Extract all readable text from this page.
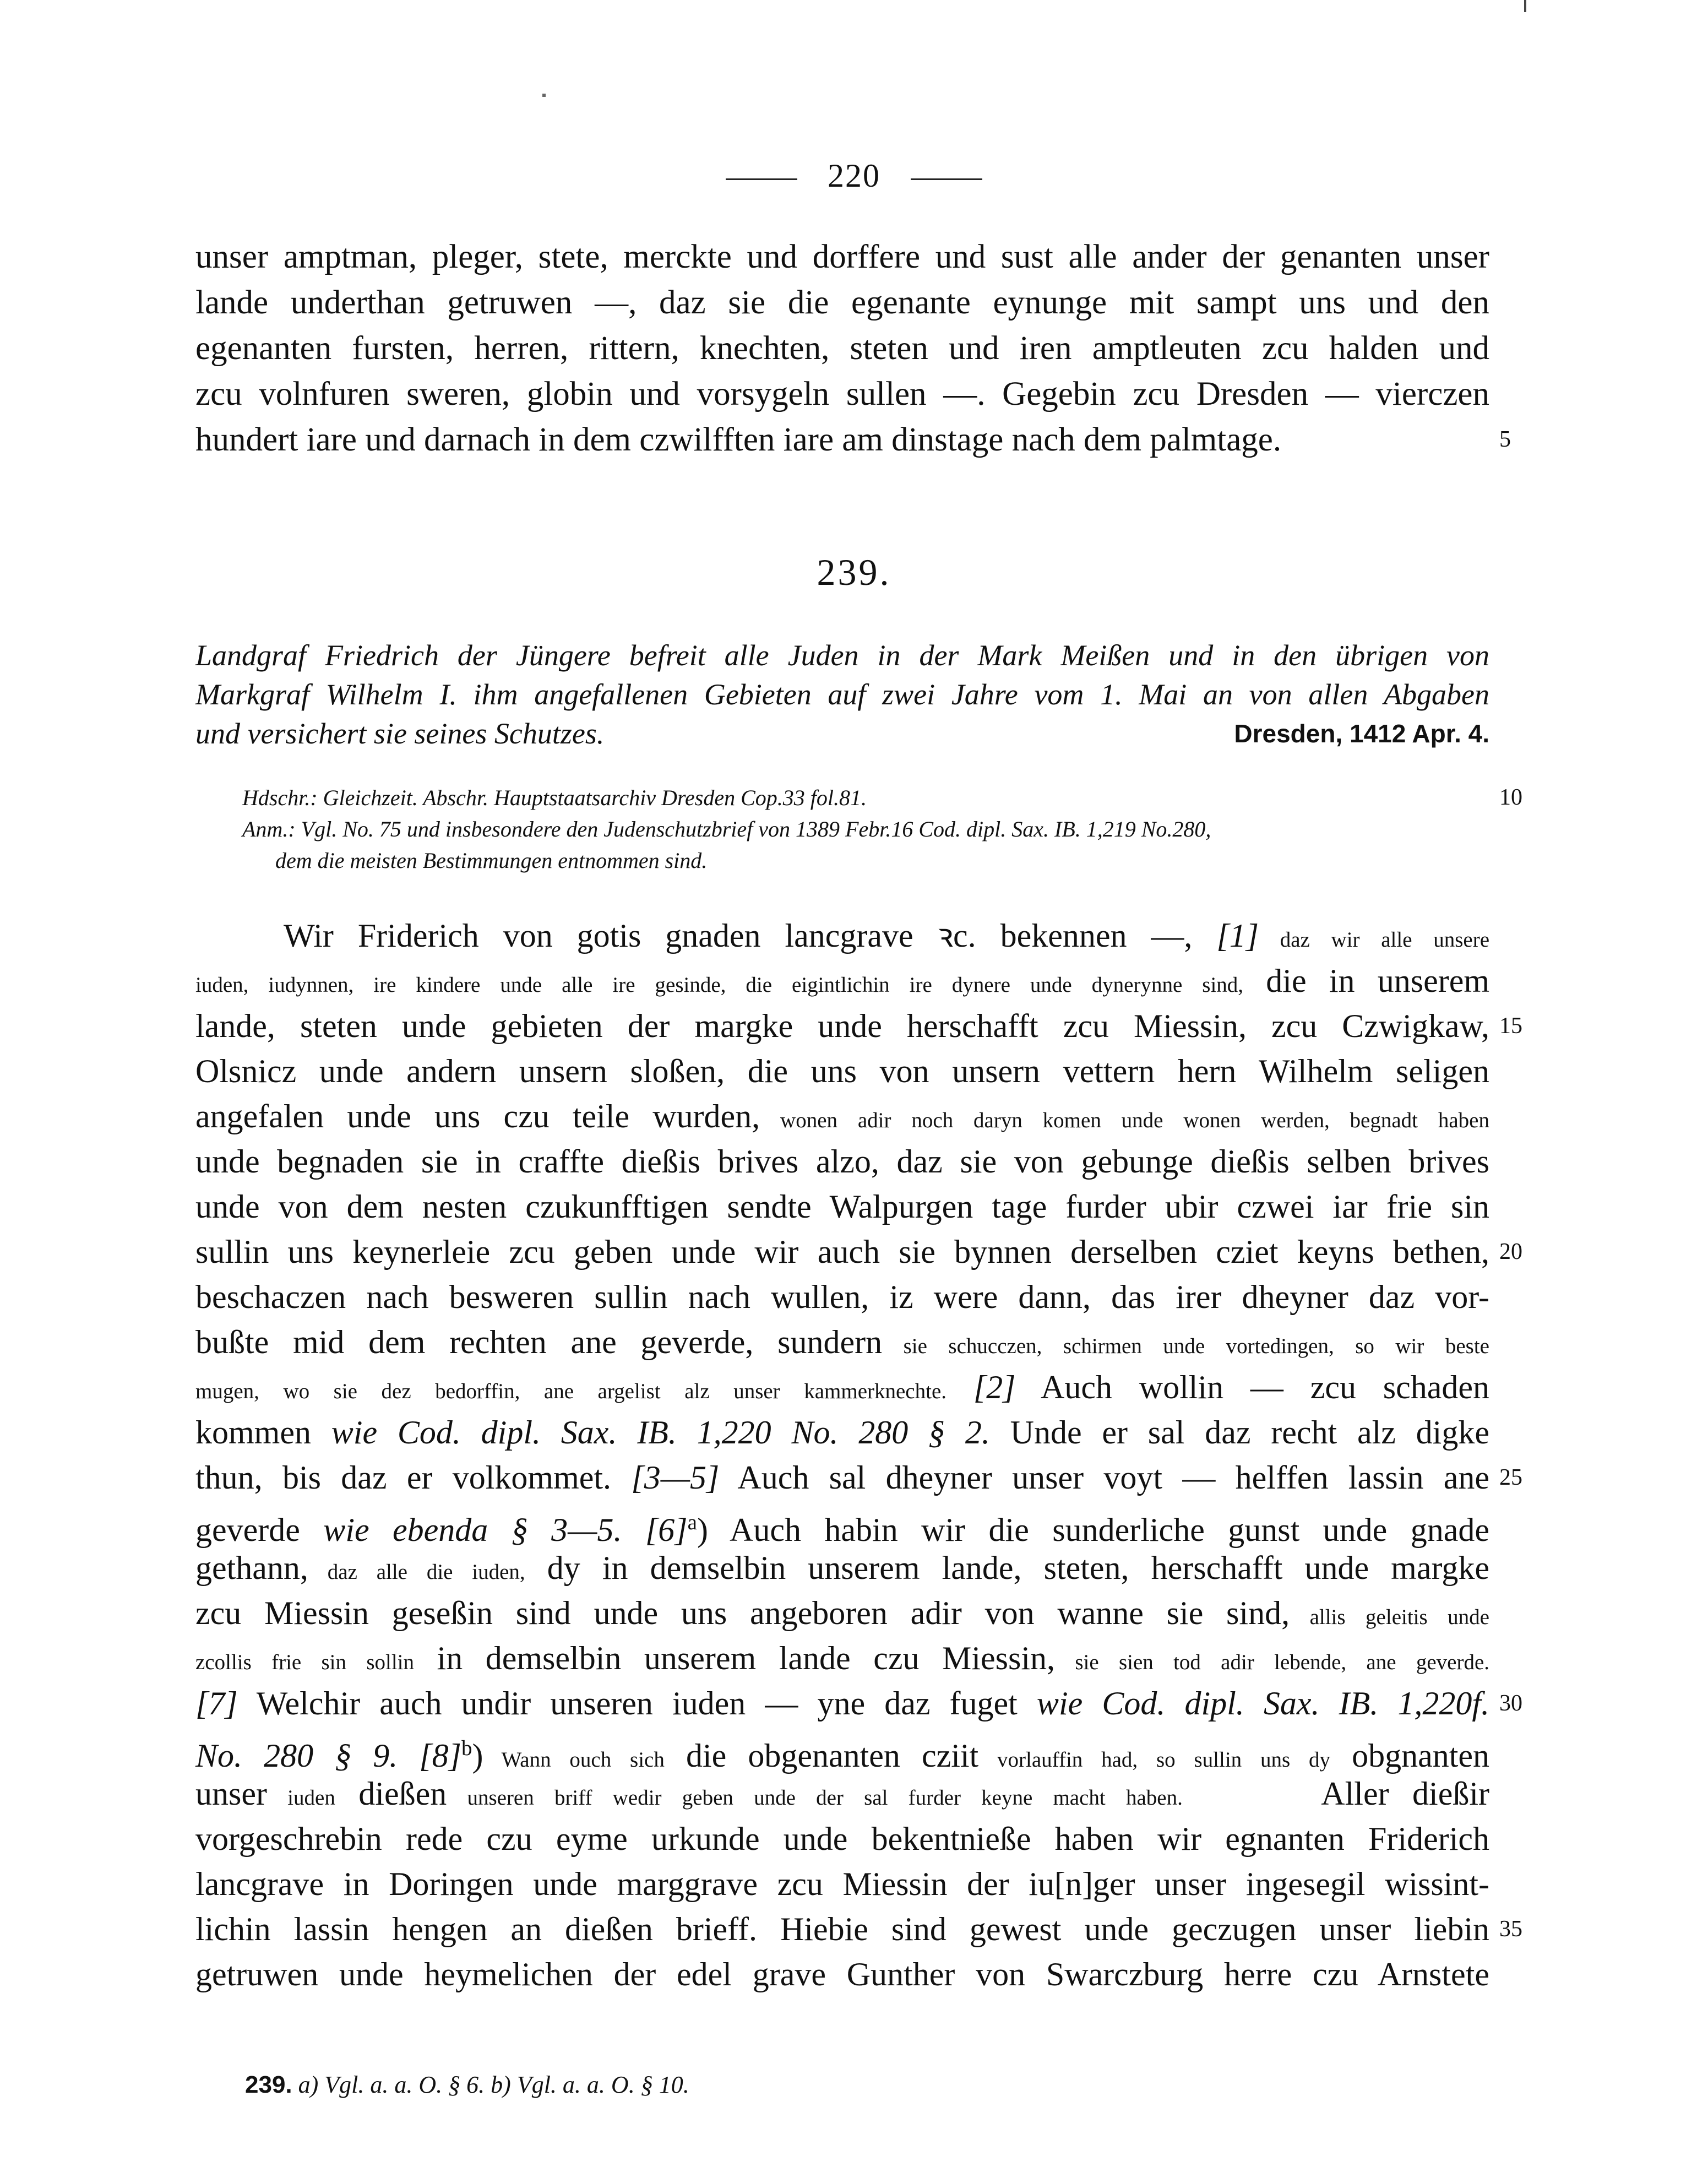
220
unser amptman, pleger, stete, merckte und dorffere und sust alle ander der genanten unser
lande underthan getruwen —, daz sie die egenante eynunge mit sampt uns und den
egenanten fursten, herren, rittern, knechten, steten und iren amptleuten zcu halden und
zcu volnfuren sweren, globin und vorsygeln sullen —. Gegebin zcu Dresden — vierczen
hundert iare und darnach in dem czwilfften iare am dinstage nach dem palmtage.	5
239.
Landgraf Friedrich der Jüngere befreit alle Juden in der Mark Meißen und in den übrigen von
Markgraf Wilhelm I. ihm angefallenen Gebieten auf zwei Jahre vom 1. Mai an von allen Abgaben
und versichert sie seines Schutzes.	Dresden, 1412 Apr. 4.
Hdschr.: Gleichzeit. Abschr. Hauptstaatsarchiv Dresden Cop.33 fol.81.	10
Anm.: Vgl. No. 75 und insbesondere den Judenschutzbrief von 1389 Febr.16 Cod. dipl. Sax. IB. 1,219 No.280,
dem die meisten Bestimmungen entnommen sind.
Wir Friderich von gotis gnaden lancgrave ꝛc. bekennen —, [1] daz wir alle unsere
iuden, iudynnen, ire kindere unde alle ire gesinde, die eigintlichin ire dynere unde dynerynne sind, die in unserem
lande, steten unde gebieten der margke unde herschafft zcu Miessin, zcu Czwigkaw, 15
Olsnicz unde andern unsern sloßen, die uns von unsern vettern hern Wilhelm seligen
angefalen unde uns czu teile wurden, wonen adir noch daryn komen unde wonen werden, begnadt haben
unde begnaden sie in craffte dießis brives alzo, daz sie von gebunge dießis selben brives
unde von dem nesten czukunfftigen sendte Walpurgen tage furder ubir czwei iar frie sin
sullin uns keynerleie zcu geben unde wir auch sie bynnen derselben cziet keyns bethen, 20
beschaczen nach besweren sullin nach wullen, iz were dann, das irer dheyner daz vor-
bußte mid dem rechten ane geverde, sundern sie schucczen, schirmen unde vortedingen, so wir beste
mugen, wo sie dez bedorffin, ane argelist alz unser kammerknechte. [2] Auch wollin — zcu schaden
kommen wie Cod. dipl. Sax. IB. 1,220 No. 280 § 2. Unde er sal daz recht alz digke
thun, bis daz er volkommet. [3—5] Auch sal dheyner unser voyt — helffen lassin ane 25
geverde wie ebenda § 3—5. $[6]^a$) Auch habin wir die sunderliche gunst unde gnade
gethann, daz alle die iuden, dy in demselbin unserem lande, steten, herschafft unde margke
zcu Miessin geseßin sind unde uns angeboren adir von wanne sie sind, allis geleitis unde
zcollis frie sin sollin in demselbin unserem lande czu Miessin, sie sien tod adir lebende, ane geverde.
[7] Welchir auch undir unseren iuden — yne daz fuget wie Cod. dipl. Sax. IB. 1,220f. 30
No. 280 § 9. $[8]^b$) Wann ouch sich die obgenanten cziit vorlauffin had, so sullin uns dy obgnanten
unser iuden dießen unseren briff wedir geben unde der sal furder keyne macht haben.      Aller dießir
vorgeschrebin rede czu eyme urkunde unde bekentnieße haben wir egnanten Friderich
lancgrave in Doringen unde marggrave zcu Miessin der iu[n]ger unser ingesegil wissint-
lichin lassin hengen an dießen brieff. Hiebie sind gewest unde geczugen unser liebin 35
getruwen unde heymelichen der edel grave Gunther von Swarczburg herre czu Arnstete
239. a) Vgl. a. a. O. § 6. b) Vgl. a. a. O. § 10.
